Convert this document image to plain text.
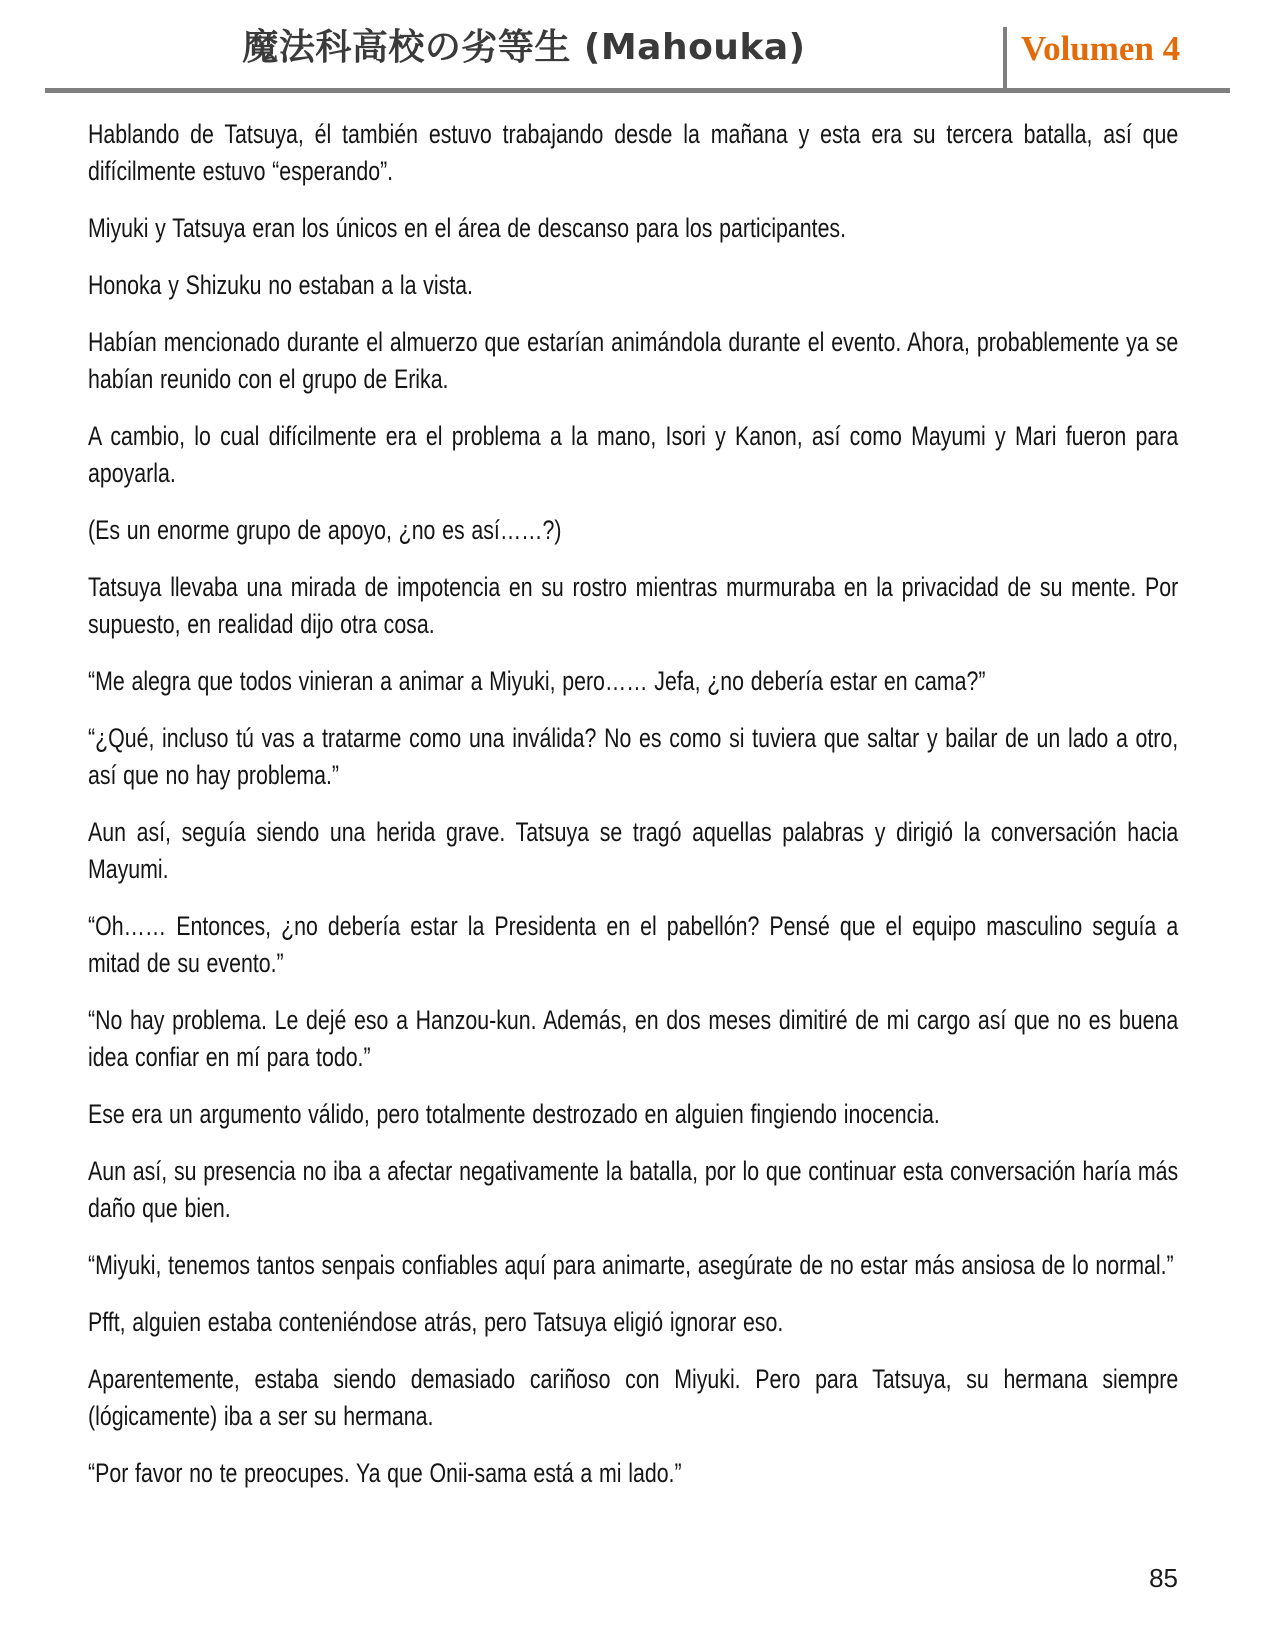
魔法科高校の劣等生 (Mahouka)	Volumen 4

Hablando de Tatsuya, él también estuvo trabajando desde la mañana y esta era su tercera batalla, así que difícilmente estuvo “esperando”.

Miyuki y Tatsuya eran los únicos en el área de descanso para los participantes.

Honoka y Shizuku no estaban a la vista.

Habían mencionado durante el almuerzo que estarían animándola durante el evento. Ahora, probablemente ya se habían reunido con el grupo de Erika.

A cambio, lo cual difícilmente era el problema a la mano, Isori y Kanon, así como Mayumi y Mari fueron para apoyarla.

(Es un enorme grupo de apoyo, ¿no es así……?)

Tatsuya llevaba una mirada de impotencia en su rostro mientras murmuraba en la privacidad de su mente. Por supuesto, en realidad dijo otra cosa.

“Me alegra que todos vinieran a animar a Miyuki, pero…… Jefa, ¿no debería estar en cama?”

“¿Qué, incluso tú vas a tratarme como una inválida? No es como si tuviera que saltar y bailar de un lado a otro, así que no hay problema.”

Aun así, seguía siendo una herida grave. Tatsuya se tragó aquellas palabras y dirigió la conversación hacia Mayumi.

“Oh…… Entonces, ¿no debería estar la Presidenta en el pabellón? Pensé que el equipo masculino seguía a mitad de su evento.”

“No hay problema. Le dejé eso a Hanzou-kun. Además, en dos meses dimitiré de mi cargo así que no es buena idea confiar en mí para todo.”

Ese era un argumento válido, pero totalmente destrozado en alguien fingiendo inocencia.

Aun así, su presencia no iba a afectar negativamente la batalla, por lo que continuar esta conversación haría más daño que bien.

“Miyuki, tenemos tantos senpais confiables aquí para animarte, asegúrate de no estar más ansiosa de lo normal.”

Pfft, alguien estaba conteniéndose atrás, pero Tatsuya eligió ignorar eso.

Aparentemente, estaba siendo demasiado cariñoso con Miyuki. Pero para Tatsuya, su hermana siempre (lógicamente) iba a ser su hermana.

“Por favor no te preocupes. Ya que Onii-sama está a mi lado.”

85
